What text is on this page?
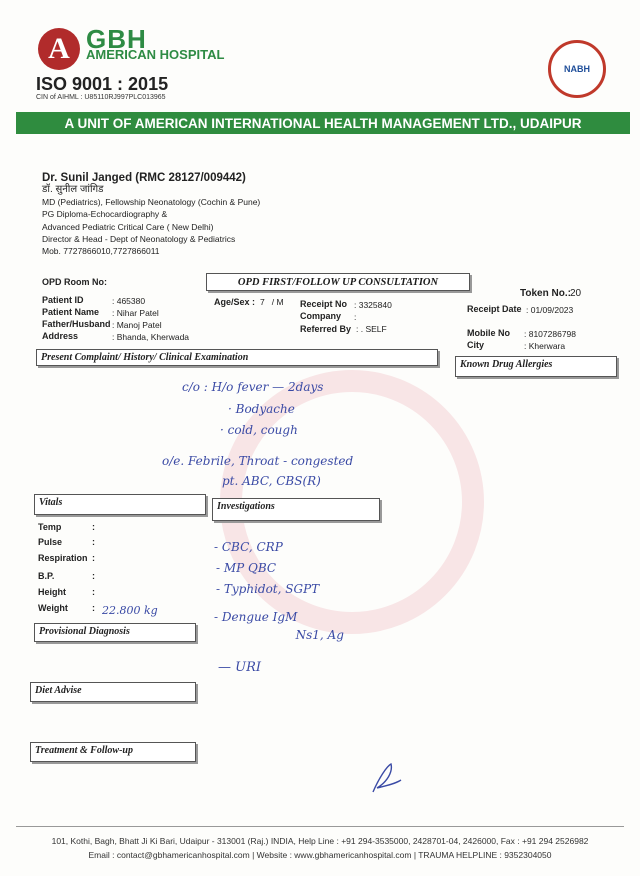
A GBH
AMERICAN HOSPITAL
ISO 9001 : 2015
CIN of AIHML : U85110RJ997PLC013965
NABH
A UNIT OF AMERICAN INTERNATIONAL HEALTH MANAGEMENT LTD., UDAIPUR
Dr. Sunil Janged (RMC 28127/009442)
डॉ. सुनील जांगिड
MD (Pediatrics), Fellowship Neonatology (Cochin & Pune)
PG Diploma-Echocardiography &
Advanced Pediatric Critical Care ( New Delhi)
Director & Head - Dept of Neonatology & Pediatrics
Mob. 7727866010,7727866011
OPD Room No:	OPD FIRST/FOLLOW UP CONSULTATION
Token No.: 20
Patient ID	: 465380
Patient Name : Nihar Patel
Father/Husband : Manoj Patel
Address	: Bhanda, Kherwada
Age/Sex : 7   / M Receipt No : 3325840
Company :
Referred By : . SELF
Receipt Date : 01/09/2023
Mobile No : 8107286798
City	: Kherwara
Present Complaint/ History/ Clinical Examination
Known Drug Allergies
c/o : H/o fever — 2days
· Bodyache
· cold, cough
o/e. Febrile, Throat - congested
pt. ABC, CBS(R)
Vitals	Investigations
Temp	:
Pulse	:
Respiration :
B.P.	:
Height	:
Weight	: 22.800 kg
- CBC, CRP
- MP QBC
- Typhidot, SGPT
- Dengue IgM
Ns1, Ag
Provisional Diagnosis
— URI
Diet Advise
Treatment & Follow-up
101, Kothi, Bagh, Bhatt Ji Ki Bari, Udaipur - 313001 (Raj.) INDIA, Help Line : +91 294-3535000, 2428701-04, 2426000, Fax : +91 294 2526982
Email : contact@gbhamericanhospital.com | Website : www.gbhamericanhospital.com | TRAUMA HELPLINE : 9352304050
